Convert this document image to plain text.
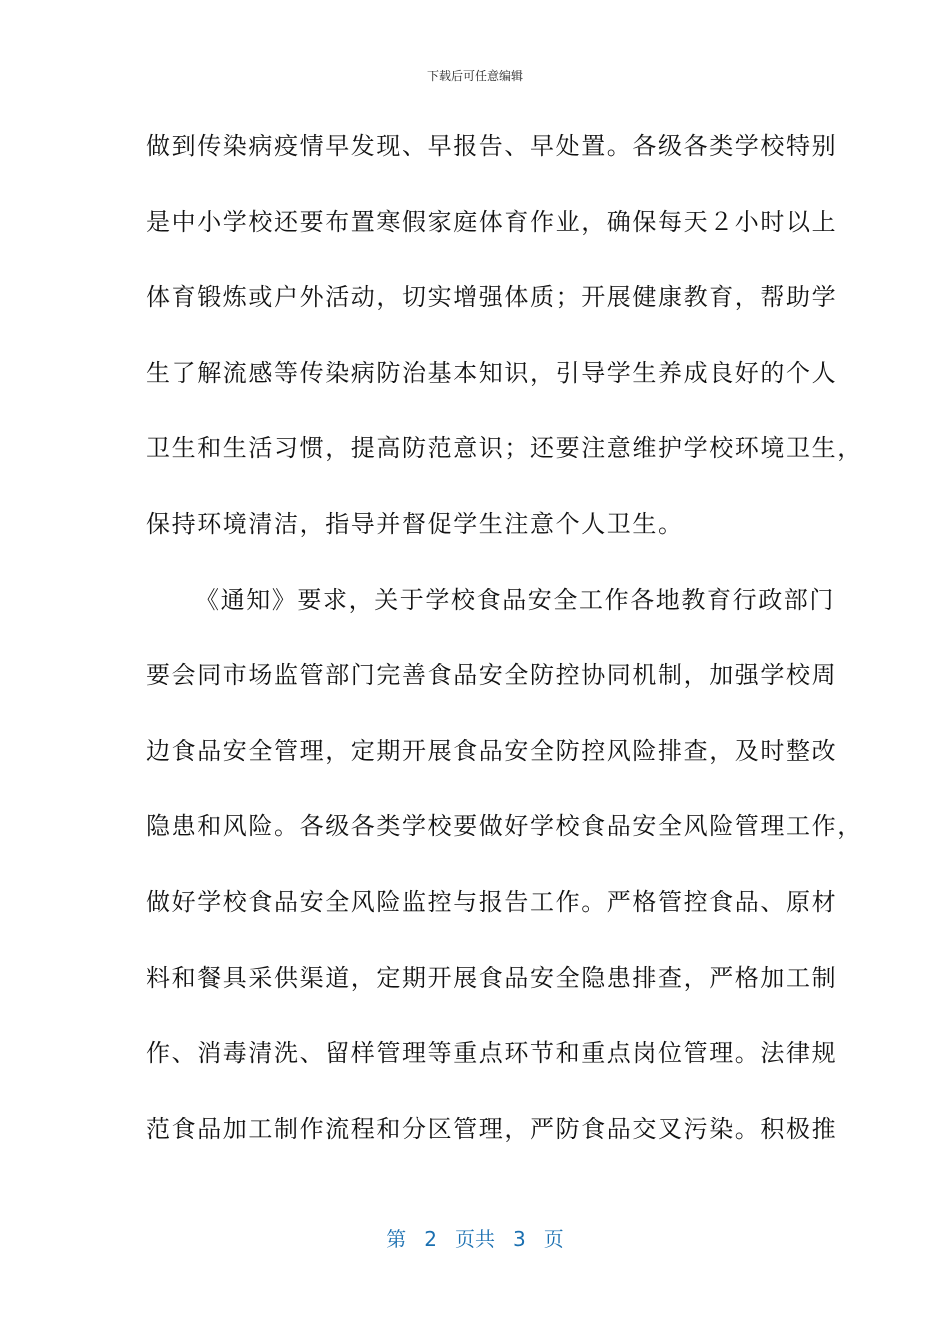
下载后可任意编辑
做到传染病疫情早发现、早报告、早处置。各级各类学校特别
是中小学校还要布置寒假家庭体育作业，确保每天２小时以上
体育锻炼或户外活动，切实增强体质；开展健康教育，帮助学
生了解流感等传染病防治基本知识，引导学生养成良好的个人
卫生和生活习惯，提高防范意识；还要注意维护学校环境卫生，
保持环境清洁，指导并督促学生注意个人卫生。
《通知》要求，关于学校食品安全工作各地教育行政部门
要会同市场监管部门完善食品安全防控协同机制，加强学校周
边食品安全管理，定期开展食品安全防控风险排查，及时整改
隐患和风险。各级各类学校要做好学校食品安全风险管理工作，
做好学校食品安全风险监控与报告工作。严格管控食品、原材
料和餐具采供渠道，定期开展食品安全隐患排查，严格加工制
作、消毒清洗、留样管理等重点环节和重点岗位管理。法律规
范食品加工制作流程和分区管理，严防食品交叉污染。积极推
第 2 页共 3 页
